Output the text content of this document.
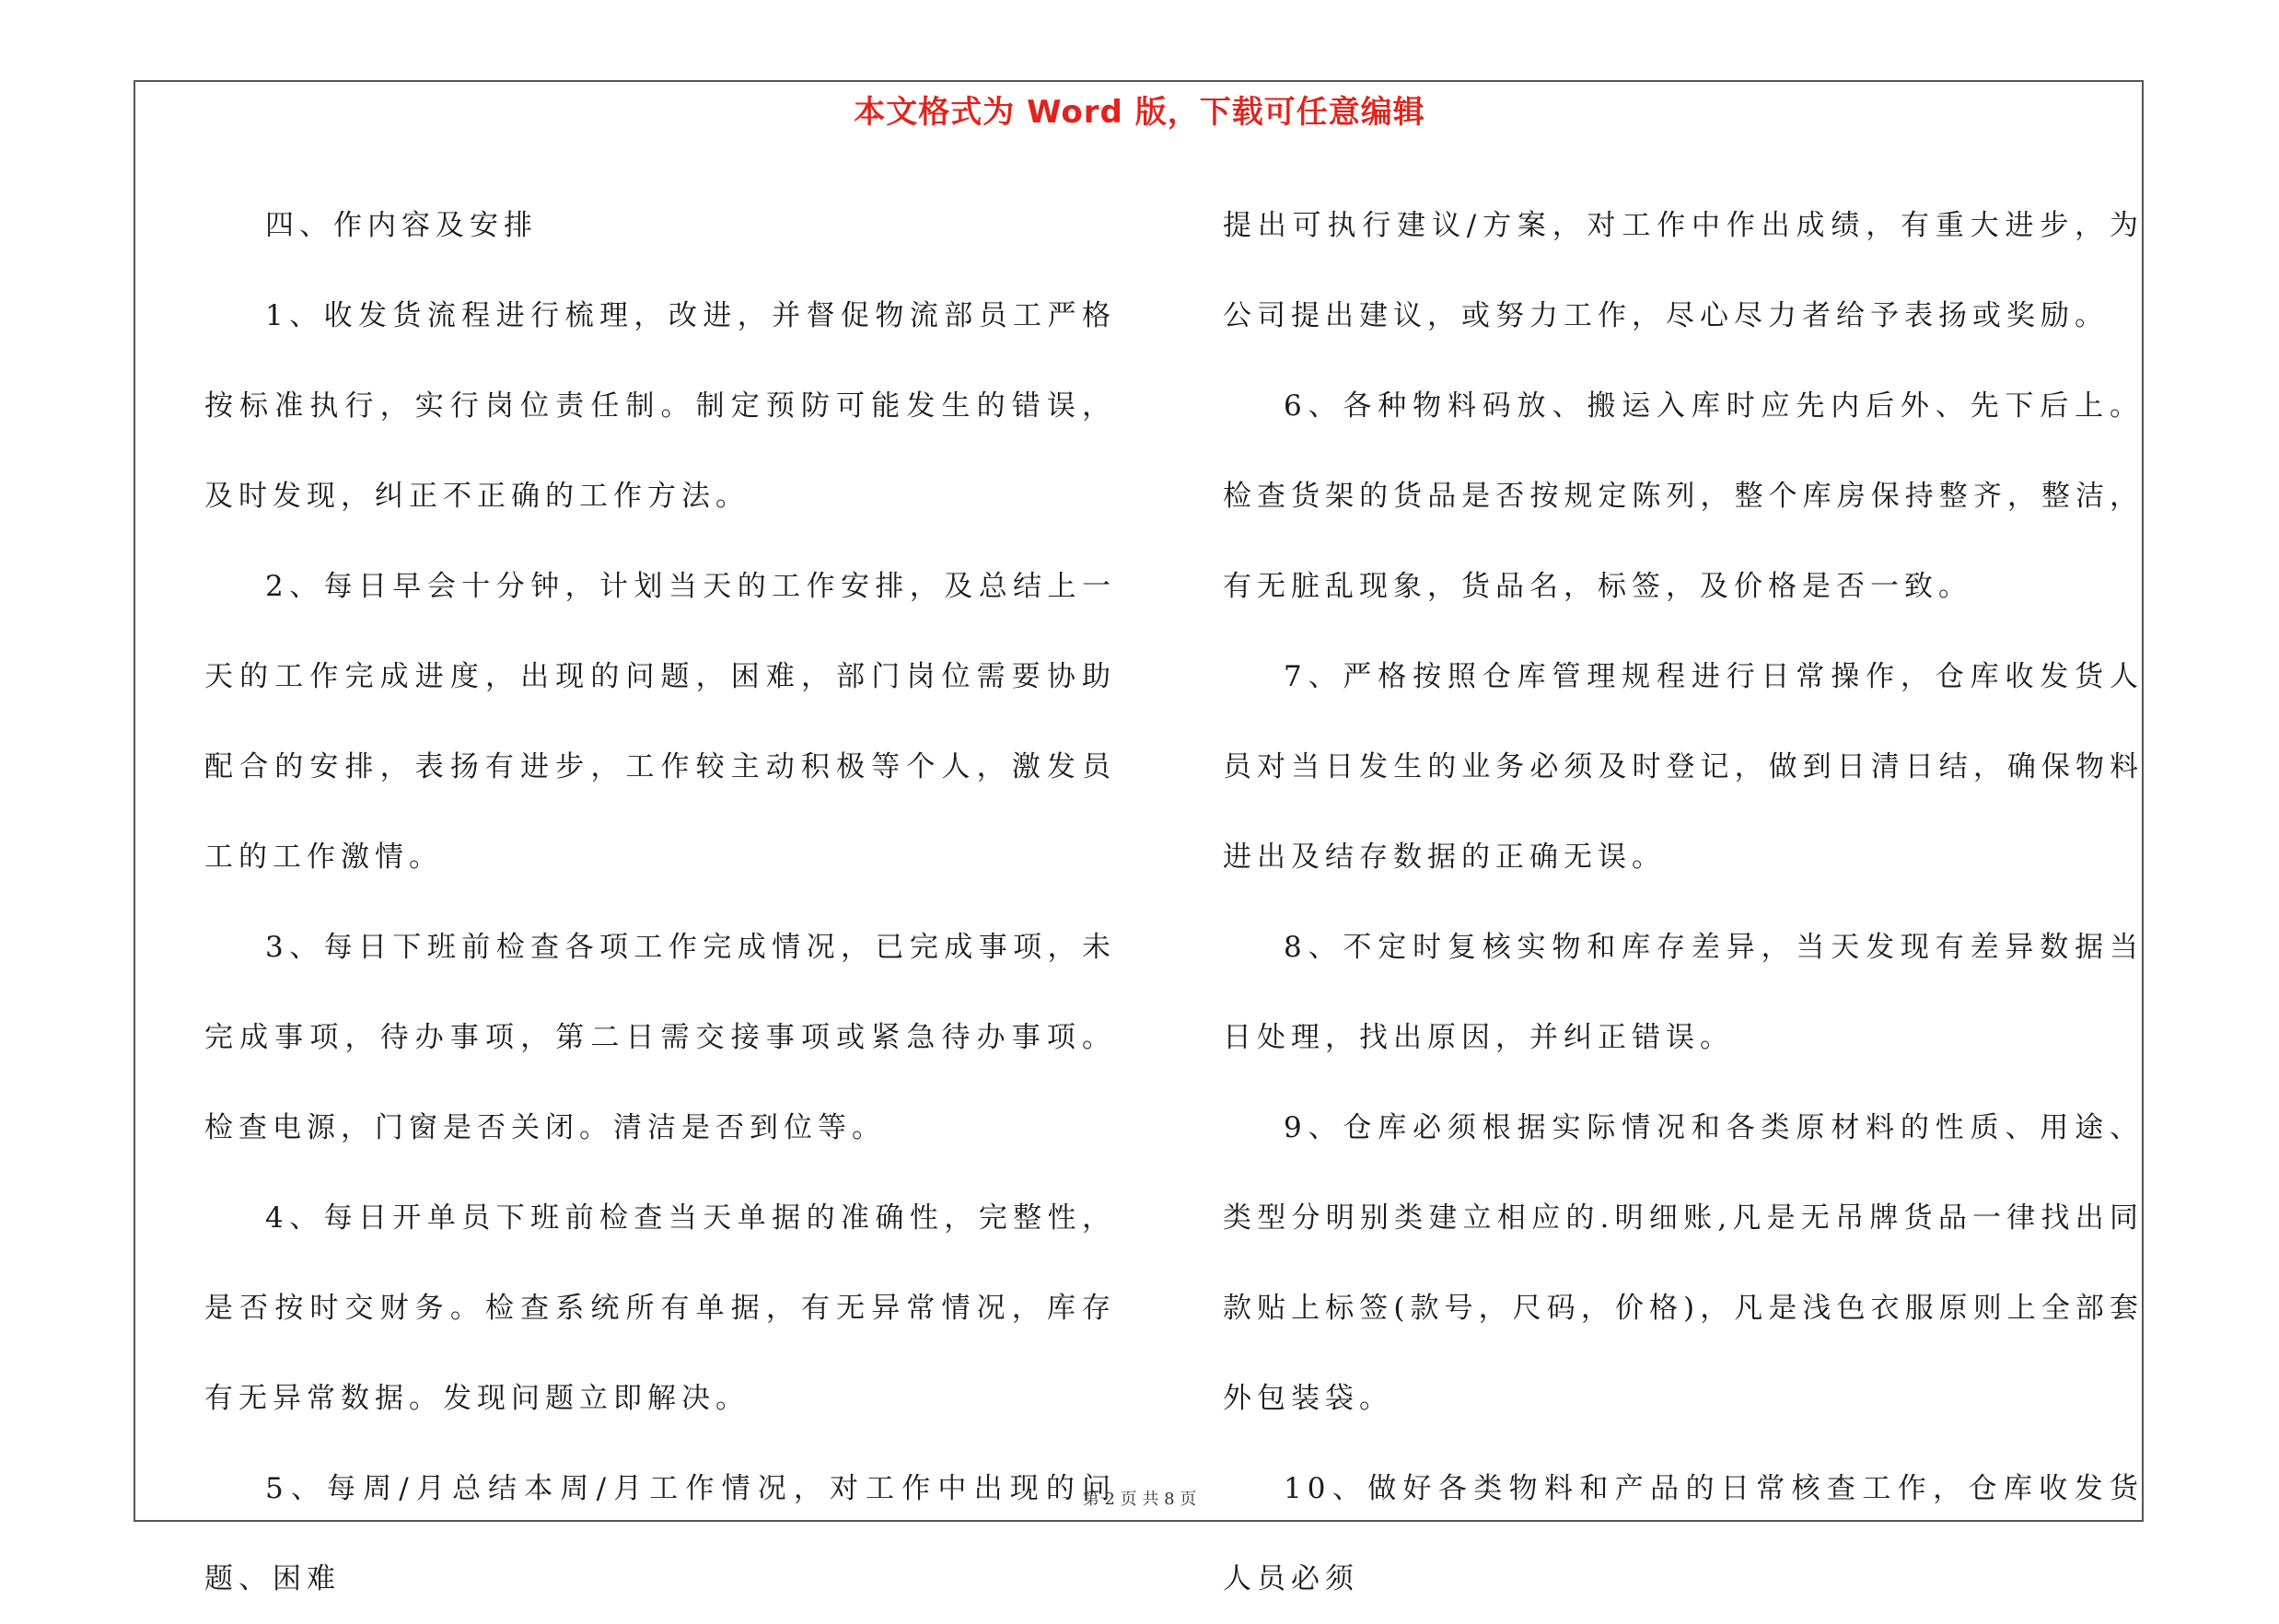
本文格式为 Word 版，下载可任意编辑

四、作内容及安排

1、收发货流程进行梳理，改进，并督促物流部员工严格按标准执行，实行岗位责任制。制定预防可能发生的错误，及时发现，纠正不正确的工作方法。

2、每日早会十分钟，计划当天的工作安排，及总结上一天的工作完成进度，出现的问题，困难，部门岗位需要协助配合的安排，表扬有进步，工作较主动积极等个人，激发员工的工作激情。

3、每日下班前检查各项工作完成情况，已完成事项，未完成事项，待办事项，第二日需交接事项或紧急待办事项。检查电源，门窗是否关闭。清洁是否到位等。

4、每日开单员下班前检查当天单据的准确性，完整性，是否按时交财务。检查系统所有单据，有无异常情况，库存有无异常数据。发现问题立即解决。

5、每周/月总结本周/月工作情况，对工作中出现的问题、困难

提出可执行建议/方案，对工作中作出成绩，有重大进步，为公司提出建议，或努力工作，尽心尽力者给予表扬或奖励。

6、各种物料码放、搬运入库时应先内后外、先下后上。检查货架的货品是否按规定陈列，整个库房保持整齐，整洁，有无脏乱现象，货品名，标签，及价格是否一致。

7、严格按照仓库管理规程进行日常操作，仓库收发货人员对当日发生的业务必须及时登记，做到日清日结，确保物料进出及结存数据的正确无误。

8、不定时复核实物和库存差异，当天发现有差异数据当日处理，找出原因，并纠正错误。

9、仓库必须根据实际情况和各类原材料的性质、用途、类型分明别类建立相应的.明细账,凡是无吊牌货品一律找出同款贴上标签(款号，尺码，价格)，凡是浅色衣服原则上全部套外包装袋。

10、做好各类物料和产品的日常核查工作，仓库收发货人员必须

第 2 页 共 8 页
